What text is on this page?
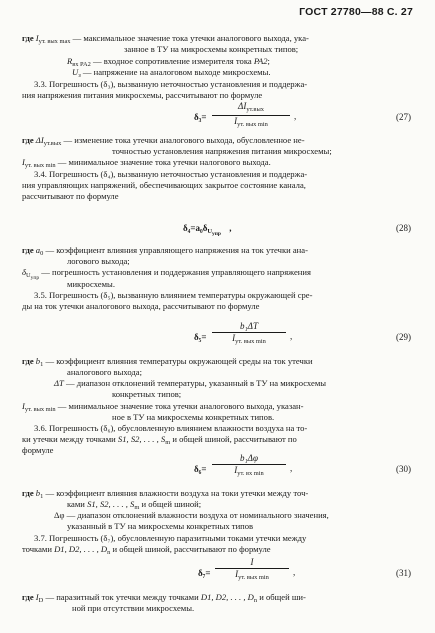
ГОСТ 27780—88 С. 27
где $I_{ут. вых max}$ — максимальное значение тока утечки аналогового выхода, ука-
занное в ТУ на микросхемы конкретных типов;
$R_{вх PA2}$ — входное сопротивление измерителя тока PA2;
$U_з$ — напряжение на аналоговом выходе микросхемы.
3.3. Погрешность (δ₃), вызванную неточностью установления и поддержа-
ния напряжения питания микросхемы, рассчитывают по формуле
δ₃=
$\Delta I_{ут.вых}$
$I_{ут. вых min}$
,	(27)
где $\Delta I_{ут.вых}$ — изменение тока утечки аналогового выхода, обусловленное не-
точностью установления напряжения питания микросхемы;
$I_{ут. вых min}$ — минимальное значение тока утечки налогового выхода.
3.4. Погрешность (δ₄), вызванную неточностью установления и поддержа-
ния управляющих напряжений, обеспечивающих закрытое состояние канала,
рассчитывают по формуле
$\delta_4=a_0\delta_{Uупр}$ ,	(28)
где $a_0$ — коэффициент влияния управляющего напряжения на ток утечки ана-
логового выхода;
$\delta_{Uупр}$ — погрешность установления и поддержания управляющего напряжения
микросхемы.
3.5. Погрешность (δ₅), вызванную влиянием температуры окружающей сре-
ды на ток утечки аналогового выхода, рассчитывают по формуле
δ₅=
b₁ΔT
$I_{ут. вых min}$
,	(29)
где $b_1$ — коэффициент влияния температуры окружающей среды на ток утечки
аналогового выхода;
ΔT — диапазон отклонений температуры, указанный в ТУ на микросхемы
конкретных типов;
$I_{ут. вых min}$ — минимальное значение тока утечки аналогового выхода, указан-
ное в ТУ на микросхемы конкретных типов.
3.6. Погрешность (δ₆), обусловленную влиянием влажности воздуха на то-
ки утечки между точками S1, S2, . . . , $S_m$ и общей шиной, рассчитывают по
формуле
δ₆=
b₁Δφ
$I_{ут. вх min}$
,	(30)
где $b_1$ — коэффициент влияния влажности воздуха на токи утечки между точ-
ками S1, S2, . . . , $S_m$ и общей шиной;
Δφ — диапазон отклонений влажности воздуха от номинального значения,
указанный в ТУ на микросхемы конкретных типов
3.7. Погрешность (δ₇), обусловленную паразитными токами утечки между
точками D1, D2, . . . , $D_n$ и общей шиной, рассчитывают по формуле
δ₇=
I
$I_{ут. вых min}$
,	(31)
где $I_D$ — паразитный ток утечки между точками D1, D2, . . . , $D_n$ и общей ши-
ной при отсутствии микросхемы.
